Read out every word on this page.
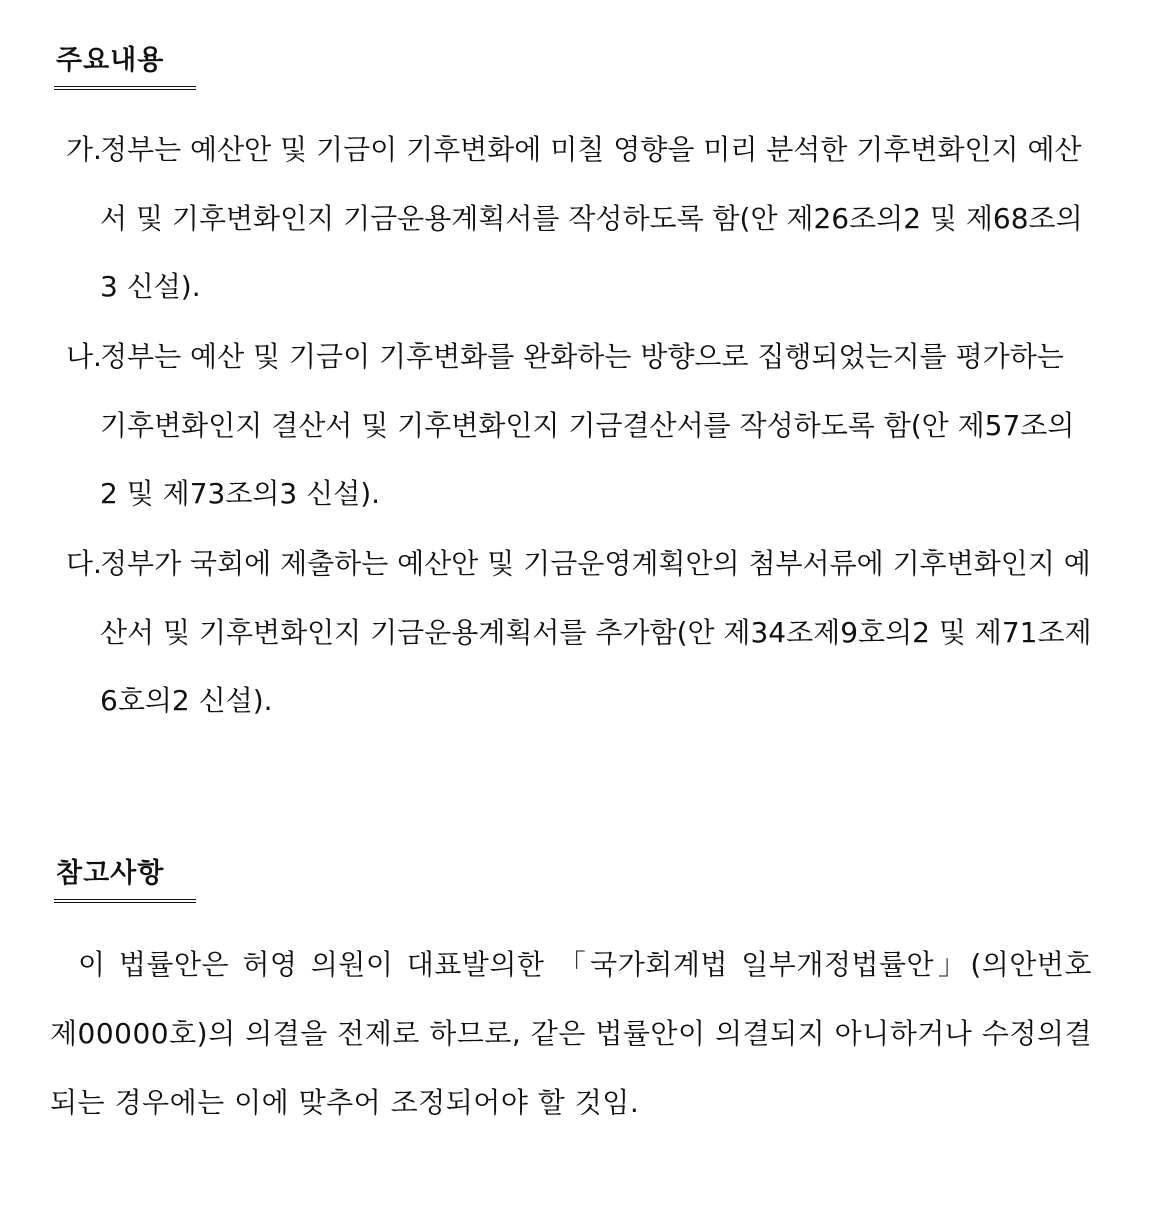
주요내용
가.
정부는 예산안 및 기금이 기후변화에 미칠 영향을 미리 분석한 기후변화인지 예산서 및 기후변화인지 기금운용계획서를 작성하도록 함(안 제26조의2 및 제68조의3 신설).
나.
정부는 예산 및 기금이 기후변화를 완화하는 방향으로 집행되었는지를 평가하는 기후변화인지 결산서 및 기후변화인지 기금결산서를 작성하도록 함(안 제57조의2 및 제73조의3 신설).
다.
정부가 국회에 제출하는 예산안 및 기금운영계획안의 첨부서류에 기후변화인지 예산서 및 기후변화인지 기금운용계획서를 추가함(안 제34조제9호의2 및 제71조제6호의2 신설).
참고사항
이 법률안은 허영 의원이 대표발의한 「국가회계법 일부개정법률안」(의안번호 제00000호)의 의결을 전제로 하므로, 같은 법률안이 의결되지 아니하거나 수정의결되는 경우에는 이에 맞추어 조정되어야 할 것임.
